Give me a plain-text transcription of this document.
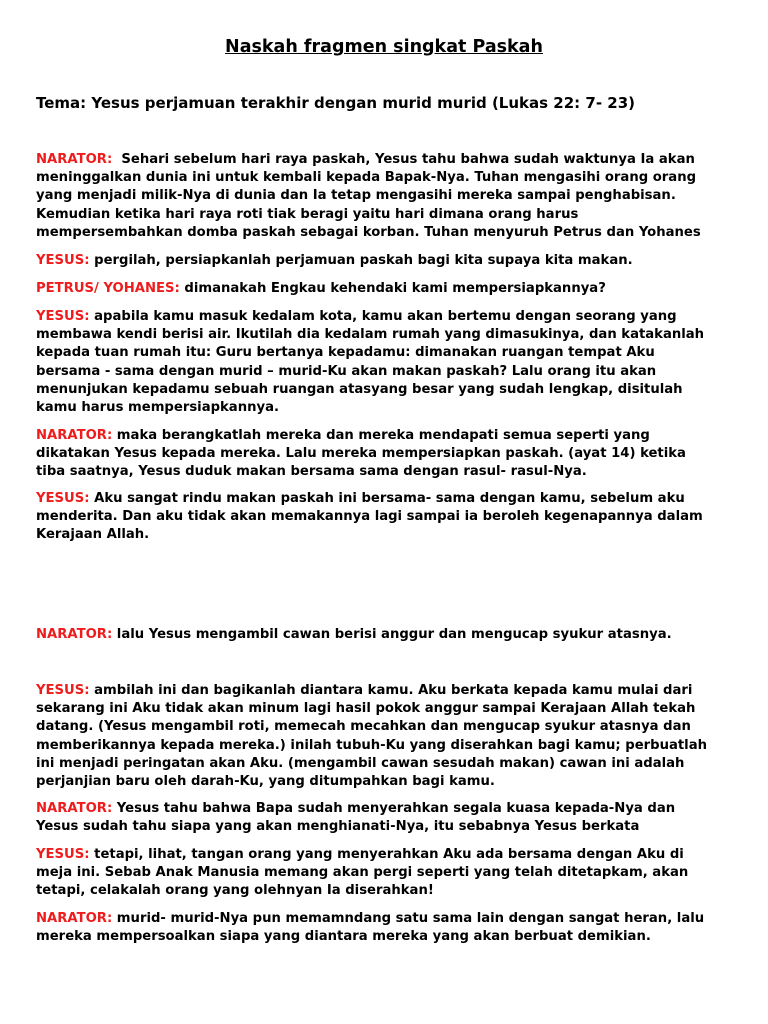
Naskah fragmen singkat Paskah
Tema: Yesus perjamuan terakhir dengan murid murid (Lukas 22: 7- 23)
NARATOR:  Sehari sebelum hari raya paskah, Yesus tahu bahwa sudah waktunya Ia akan
meninggalkan dunia ini untuk kembali kepada Bapak-Nya. Tuhan mengasihi orang orang
yang menjadi milik-Nya di dunia dan Ia tetap mengasihi mereka sampai penghabisan.
Kemudian ketika hari raya roti tiak beragi yaitu hari dimana orang harus
mempersembahkan domba paskah sebagai korban. Tuhan menyuruh Petrus dan Yohanes
YESUS: pergilah, persiapkanlah perjamuan paskah bagi kita supaya kita makan.
PETRUS/ YOHANES: dimanakah Engkau kehendaki kami mempersiapkannya?
YESUS: apabila kamu masuk kedalam kota, kamu akan bertemu dengan seorang yang
membawa kendi berisi air. Ikutilah dia kedalam rumah yang dimasukinya, dan katakanlah
kepada tuan rumah itu: Guru bertanya kepadamu: dimanakan ruangan tempat Aku
bersama - sama dengan murid – murid-Ku akan makan paskah? Lalu orang itu akan
menunjukan kepadamu sebuah ruangan atasyang besar yang sudah lengkap, disitulah
kamu harus mempersiapkannya.
NARATOR: maka berangkatlah mereka dan mereka mendapati semua seperti yang
dikatakan Yesus kepada mereka. Lalu mereka mempersiapkan paskah. (ayat 14) ketika
tiba saatnya, Yesus duduk makan bersama sama dengan rasul- rasul-Nya.
YESUS: Aku sangat rindu makan paskah ini bersama- sama dengan kamu, sebelum aku
menderita. Dan aku tidak akan memakannya lagi sampai ia beroleh kegenapannya dalam
Kerajaan Allah.
NARATOR: lalu Yesus mengambil cawan berisi anggur dan mengucap syukur atasnya.
YESUS: ambilah ini dan bagikanlah diantara kamu. Aku berkata kepada kamu mulai dari
sekarang ini Aku tidak akan minum lagi hasil pokok anggur sampai Kerajaan Allah tekah
datang. (Yesus mengambil roti, memecah mecahkan dan mengucap syukur atasnya dan
memberikannya kepada mereka.) inilah tubuh-Ku yang diserahkan bagi kamu; perbuatlah
ini menjadi peringatan akan Aku. (mengambil cawan sesudah makan) cawan ini adalah
perjanjian baru oleh darah-Ku, yang ditumpahkan bagi kamu.
NARATOR: Yesus tahu bahwa Bapa sudah menyerahkan segala kuasa kepada-Nya dan
Yesus sudah tahu siapa yang akan menghianati-Nya, itu sebabnya Yesus berkata
YESUS: tetapi, lihat, tangan orang yang menyerahkan Aku ada bersama dengan Aku di
meja ini. Sebab Anak Manusia memang akan pergi seperti yang telah ditetapkam, akan
tetapi, celakalah orang yang olehnyan Ia diserahkan!
NARATOR: murid- murid-Nya pun memamndang satu sama lain dengan sangat heran, lalu
mereka mempersoalkan siapa yang diantara mereka yang akan berbuat demikian.
